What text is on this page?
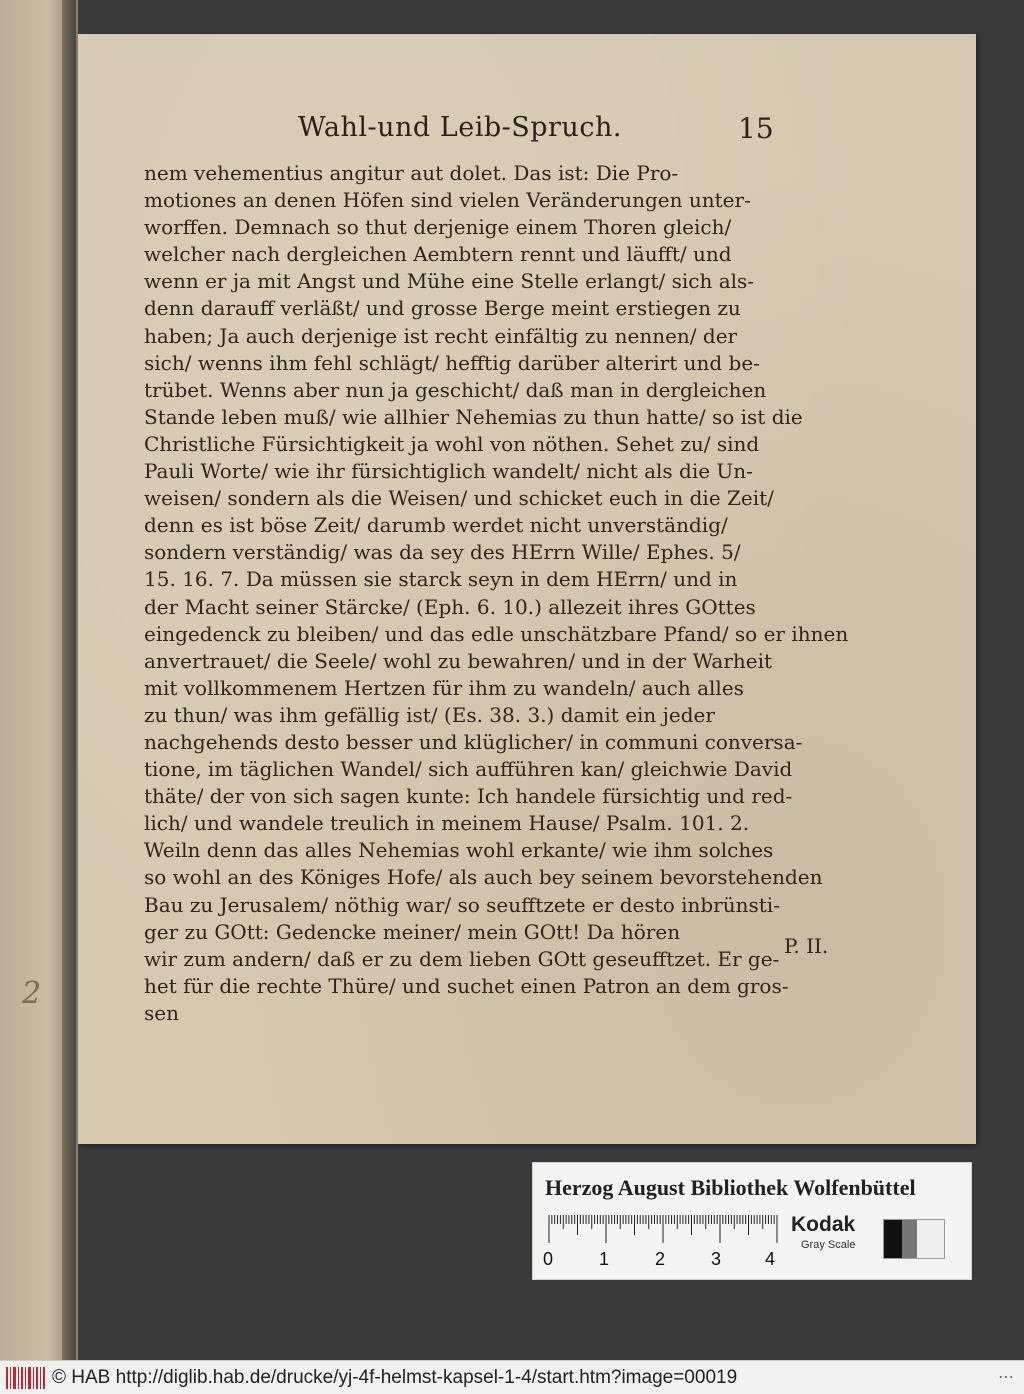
2
Wahl-und Leib-Spruch.	15
nem vehementius angitur aut dolet. Das ist: Die Pro-
motiones an denen Höfen sind vielen Veränderungen unter-
worffen. Demnach so thut derjenige einem Thoren gleich/
welcher nach dergleichen Aembtern rennt und läufft/ und
wenn er ja mit Angst und Mühe eine Stelle erlangt/ sich als-
denn darauff verläßt/ und grosse Berge meint erstiegen zu
haben; Ja auch derjenige ist recht einfältig zu nennen/ der
sich/ wenns ihm fehl schlägt/ hefftig darüber alterirt und be-
trübet. Wenns aber nun ja geschicht/ daß man in dergleichen
Stande leben muß/ wie allhier Nehemias zu thun hatte/ so ist die
Christliche Fürsichtigkeit ja wohl von nöthen. Sehet zu/ sind
Pauli Worte/ wie ihr fürsichtiglich wandelt/ nicht als die Un-
weisen/ sondern als die Weisen/ und schicket euch in die Zeit/
denn es ist böse Zeit/ darumb werdet nicht unverständig/
sondern verständig/ was da sey des HErrn Wille/ Ephes. 5/
15. 16. 7. Da müssen sie starck seyn in dem HErrn/ und in
der Macht seiner Stärcke/ (Eph. 6. 10.) allezeit ihres GOttes
eingedenck zu bleiben/ und das edle unschätzbare Pfand/ so er ihnen
anvertrauet/ die Seele/ wohl zu bewahren/ und in der Warheit
mit vollkommenem Hertzen für ihm zu wandeln/ auch alles
zu thun/ was ihm gefällig ist/ (Es. 38. 3.) damit ein jeder
nachgehends desto besser und klüglicher/ in communi conversa-
tione, im täglichen Wandel/ sich aufführen kan/ gleichwie David
thäte/ der von sich sagen kunte: Ich handele fürsichtig und red-
lich/ und wandele treulich in meinem Hause/ Psalm. 101. 2.
Weiln denn das alles Nehemias wohl erkante/ wie ihm solches
so wohl an des Königes Hofe/ als auch bey seinem bevorstehenden
Bau zu Jerusalem/ nöthig war/ so seufftzete er desto inbrünsti-
ger zu GOtt: Gedencke meiner/ mein GOtt! Da hören
wir zum andern/ daß er zu dem lieben GOtt geseufftzet. Er ge-
het für die rechte Thüre/ und suchet einen Patron an dem gros-
sen
P. II.
Herzog August Bibliothek Wolfenbüttel
0	1	2	3 4
Kodak
Gray Scale
© HAB http://diglib.hab.de/drucke/yj-4f-helmst-kapsel-1-4/start.htm?image=00019	⋯
